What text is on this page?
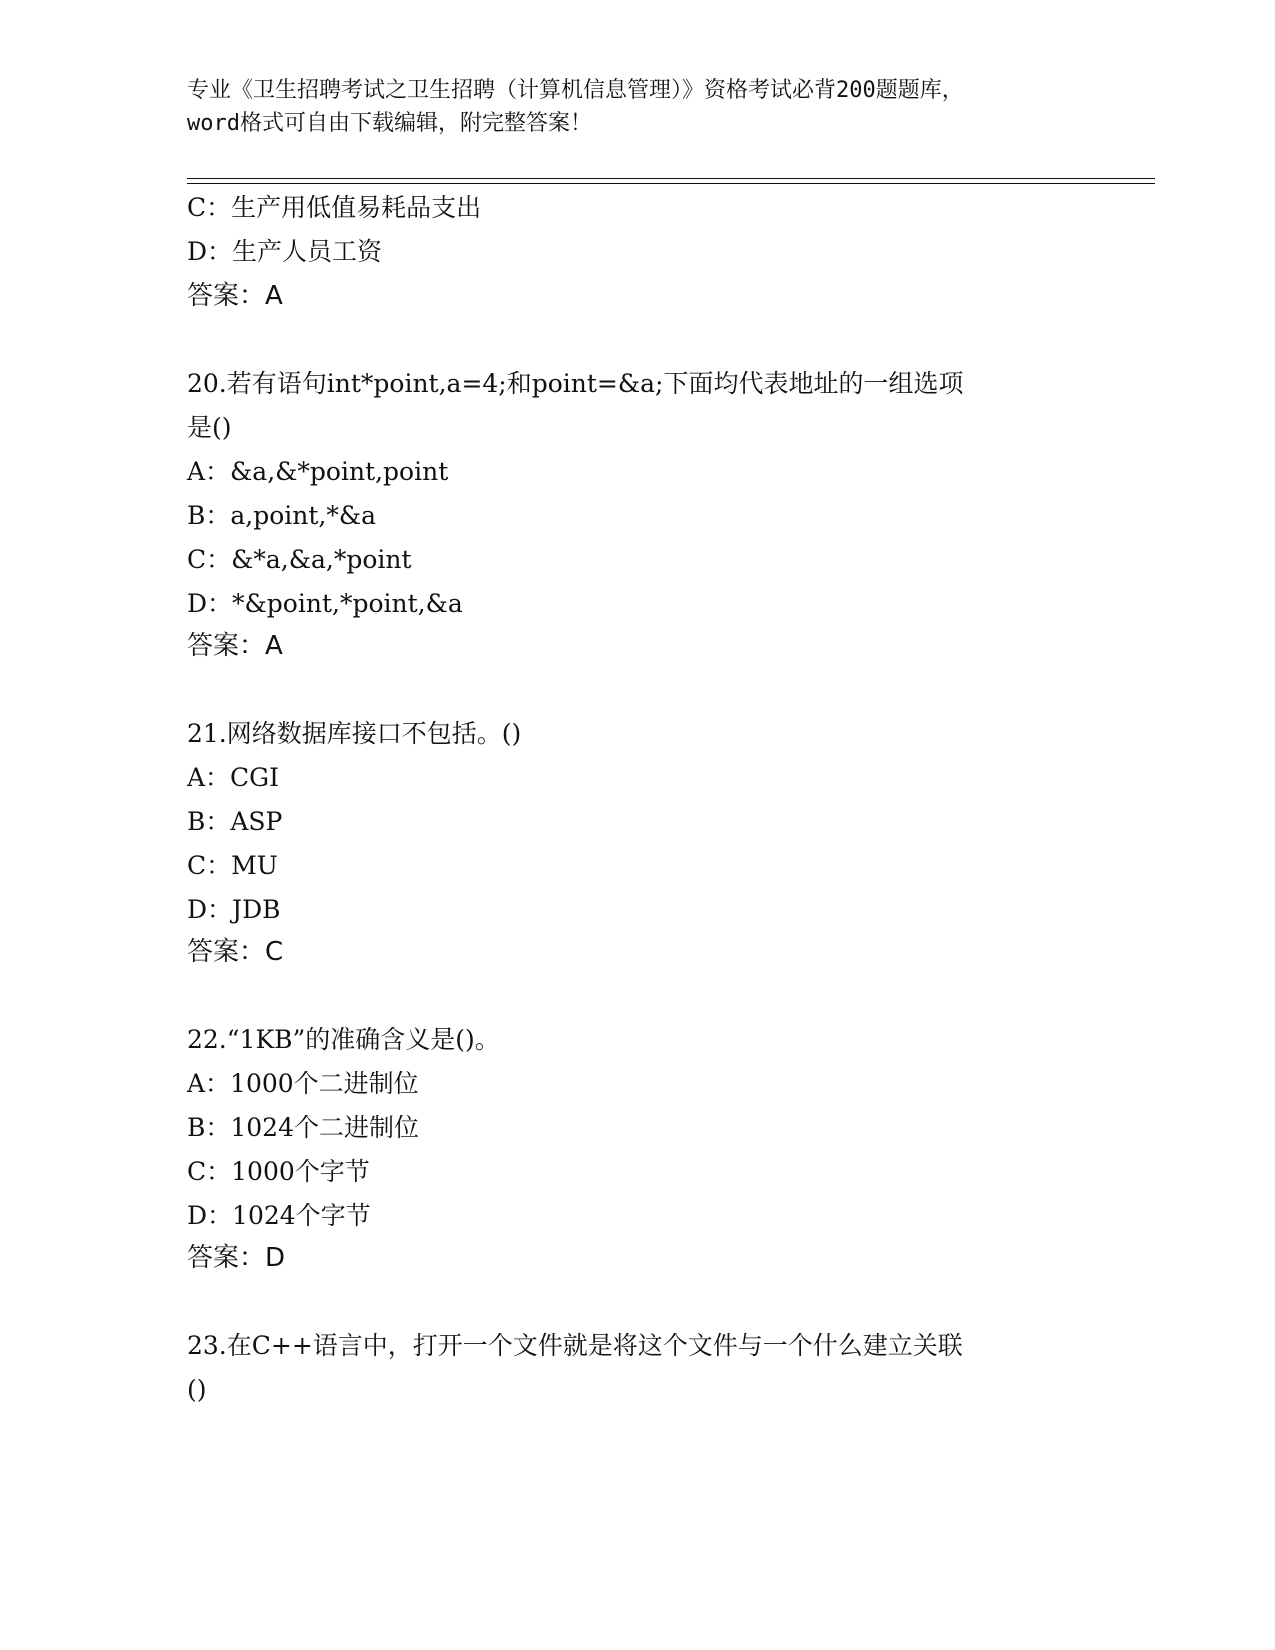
专业《卫生招聘考试之卫生招聘（计算机信息管理）》资格考试必背200题题库，
word格式可自由下载编辑，附完整答案！
C：生产用低值易耗品支出
D：生产人员工资
答案：A
20.若有语句int*point,a=4;和point=&a;下面均代表地址的一组选项
是()
A：&a,&*point,point
B：a,point,*&a
C：&*a,&a,*point
D：*&point,*point,&a
答案：A
21.网络数据库接口不包括。()
A：CGI
B：ASP
C：MU
D：JDB
答案：C
22.“1KB”的准确含义是()。
A：1000个二进制位
B：1024个二进制位
C：1000个字节
D：1024个字节
答案：D
23.在C++语言中，打开一个文件就是将这个文件与一个什么建立关联
()
